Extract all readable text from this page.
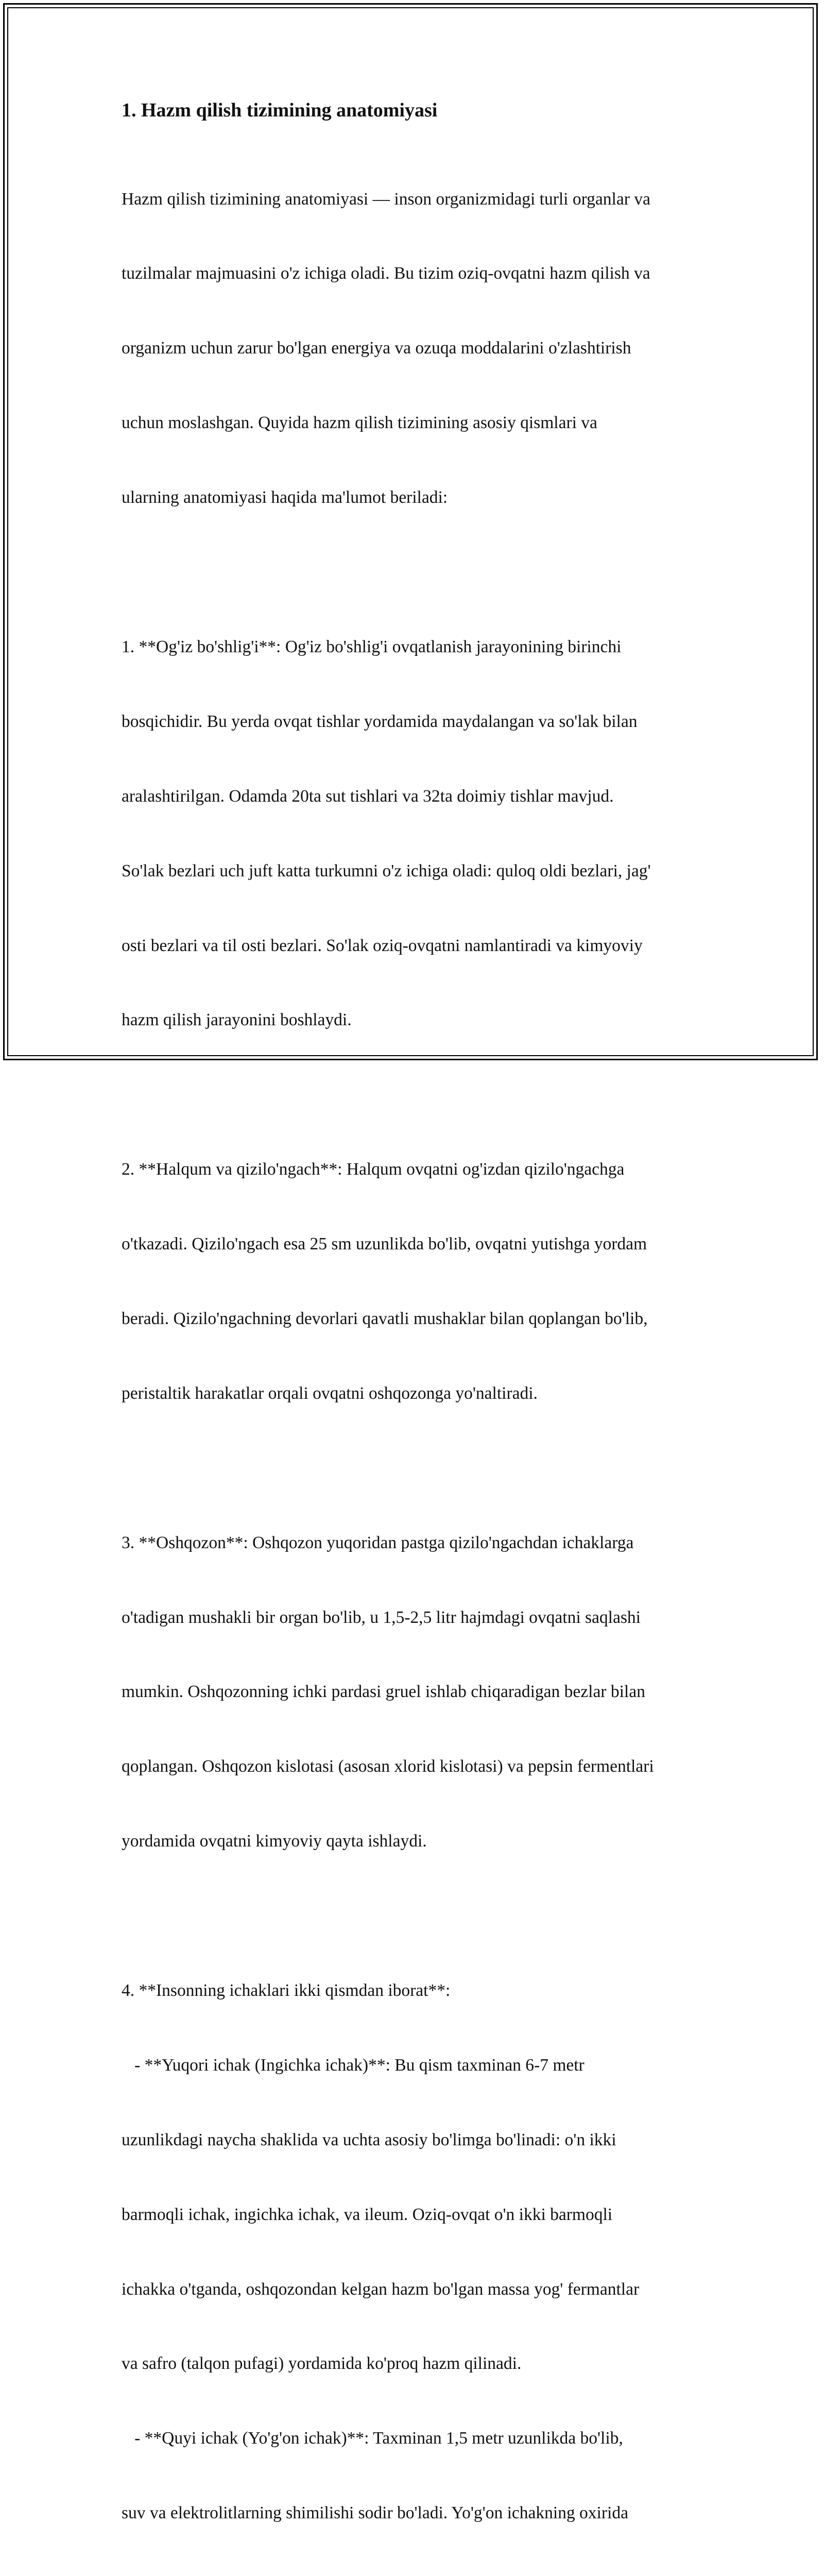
1. Hazm qilish tizimining anatomiyasi

Hazm qilish tizimining anatomiyasi — inson organizmidagi turli organlar va

tuzilmalar majmuasini o'z ichiga oladi. Bu tizim oziq-ovqatni hazm qilish va

organizm uchun zarur bo'lgan energiya va ozuqa moddalarini o'zlashtirish

uchun moslashgan. Quyida hazm qilish tizimining asosiy qismlari va

ularning anatomiyasi haqida ma'lumot beriladi:

1. **Og'iz bo'shlig'i**: Og'iz bo'shlig'i ovqatlanish jarayonining birinchi

bosqichidir. Bu yerda ovqat tishlar yordamida maydalangan va so'lak bilan

aralashtirilgan. Odamda 20ta sut tishlari va 32ta doimiy tishlar mavjud.

So'lak bezlari uch juft katta turkumni o'z ichiga oladi: quloq oldi bezlari, jag'

osti bezlari va til osti bezlari. So'lak oziq-ovqatni namlantiradi va kimyoviy

hazm qilish jarayonini boshlaydi.

2. **Halqum va qizilo'ngach**: Halqum ovqatni og'izdan qizilo'ngachga

o'tkazadi. Qizilo'ngach esa 25 sm uzunlikda bo'lib, ovqatni yutishga yordam

beradi. Qizilo'ngachning devorlari qavatli mushaklar bilan qoplangan bo'lib,

peristaltik harakatlar orqali ovqatni oshqozonga yo'naltiradi.

3. **Oshqozon**: Oshqozon yuqoridan pastga qizilo'ngachdan ichaklarga

o'tadigan mushakli bir organ bo'lib, u 1,5-2,5 litr hajmdagi ovqatni saqlashi

mumkin. Oshqozonning ichki pardasi gruel ishlab chiqaradigan bezlar bilan

qoplangan. Oshqozon kislotasi (asosan xlorid kislotasi) va pepsin fermentlari

yordamida ovqatni kimyoviy qayta ishlaydi.

4. **Insonning ichaklari ikki qismdan iborat**:

- **Yuqori ichak (Ingichka ichak)**: Bu qism taxminan 6-7 metr

uzunlikdagi naycha shaklida va uchta asosiy bo'limga bo'linadi: o'n ikki

barmoqli ichak, ingichka ichak, va ileum. Oziq-ovqat o'n ikki barmoqli

ichakka o'tganda, oshqozondan kelgan hazm bo'lgan massa yog' fermantlar

va safro (talqon pufagi) yordamida ko'proq hazm qilinadi.

- **Quyi ichak (Yo'g'on ichak)**: Taxminan 1,5 metr uzunlikda bo'lib,

suv va elektrolitlarning shimilishi sodir bo'ladi. Yo'g'on ichakning oxirida
